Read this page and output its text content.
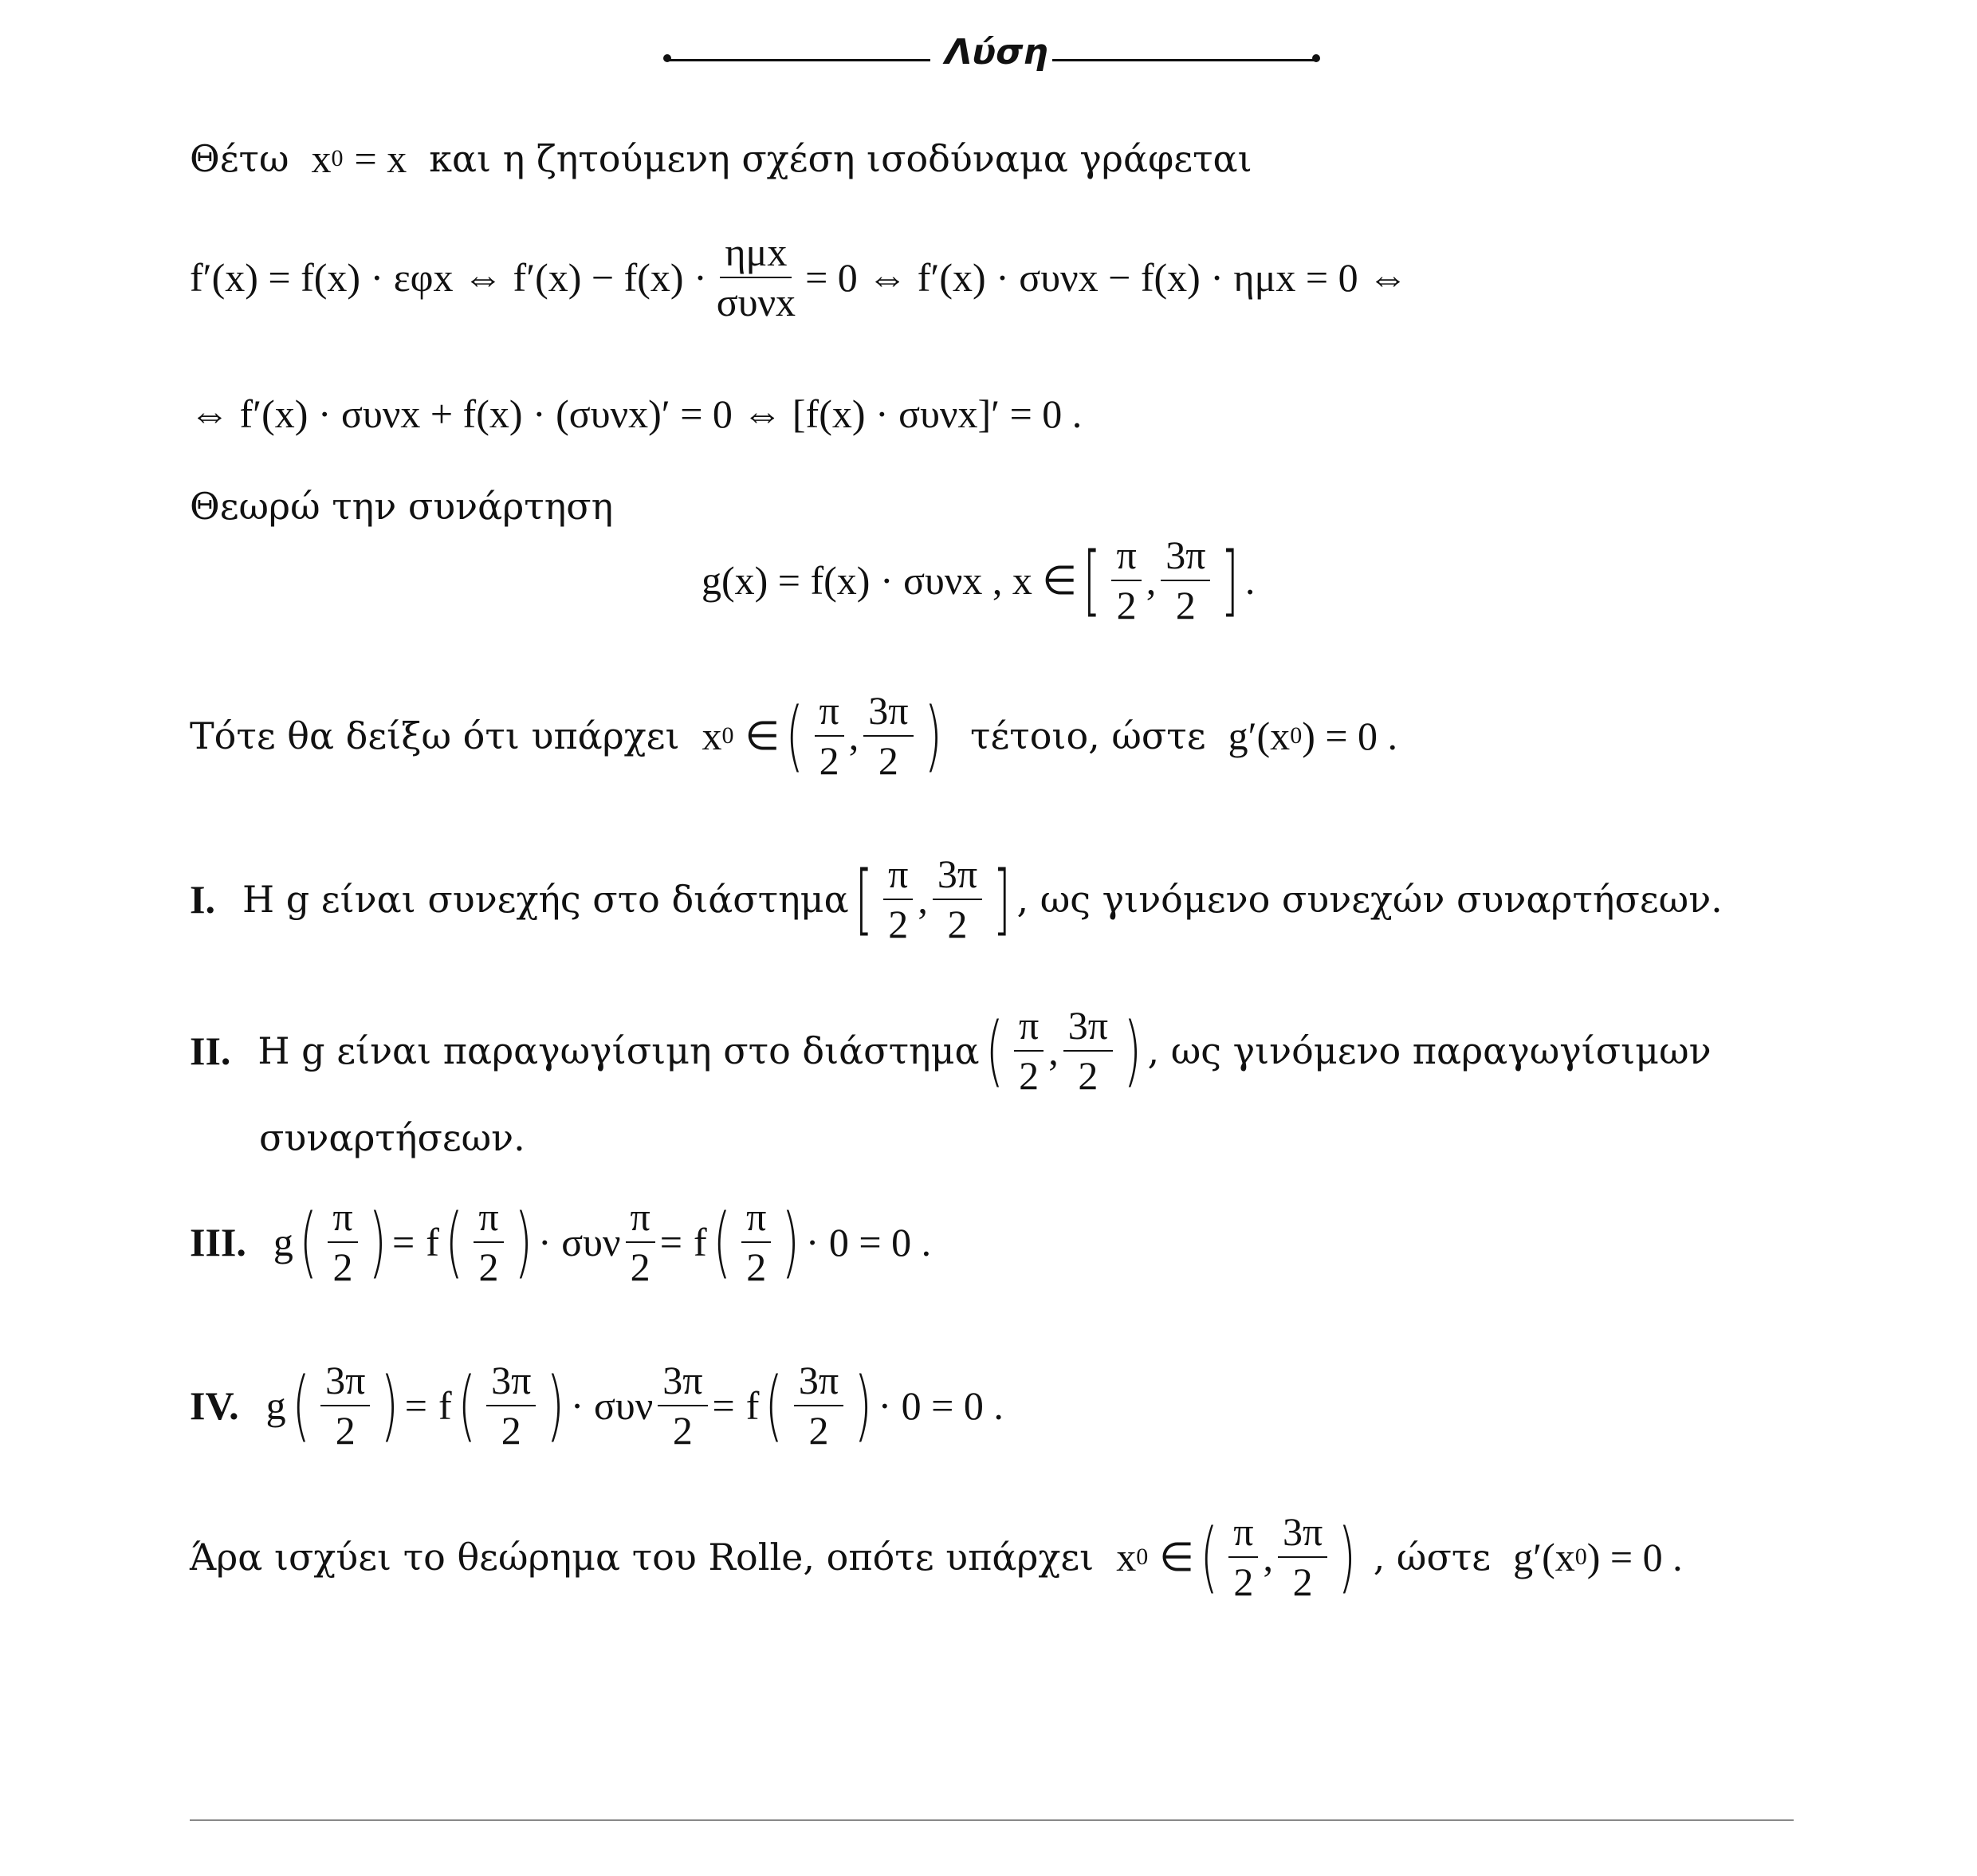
Λύση
Θέτω x 0 = x και η ζητούμενη σχέση ισοδύναμα γράφεται
f′(x) = f(x) · εφx ⇔ $f'(x) - f(x) \cdot \frac{\text{ημx}}{\text{συνx}} = 0$ ⇔ f′(x) · συνx − f(x) · ημx = 0 ⇔
⇔ f′(x) · συνx + f(x) · (συνx)′ = 0 ⇔ [f(x) · συνx]′ = 0 .
Θεωρώ την συνάρτηση
g(x) = f(x) · συνx , x ∈ [ $\frac{\pi}{2}$ , $\frac{3\pi}{2}$ ] .
Τότε θα δείξω ότι υπάρχει x 0 ∈ ( $\frac{\pi}{2}$ , $\frac{3\pi}{2}$ ) τέτοιο, ώστε g′(x 0 ) = 0 .
I. Η g είναι συνεχής στο διάστημα [ $\frac{\pi}{2}$ , $\frac{3\pi}{2}$ ] , ως γινόμενο συνεχών συναρτήσεων.
II. Η g είναι παραγωγίσιμη στο διάστημα ( $\frac{\pi}{2}$ , $\frac{3\pi}{2}$ ) , ως γινόμενο παραγωγίσιμων
συναρτήσεων.
III. g ( $\frac{\pi}{2}$ ) = f ( $\frac{\pi}{2}$ ) · συν $\frac{\pi}{2} = f$ ( $\frac{\pi}{2}$ ) · 0 = 0 .
IV. g ( $\frac{3\pi}{2}$ ) = f ( $\frac{3\pi}{2}$ ) · συν $\frac{3\pi}{2} = f$ ( $\frac{3\pi}{2}$ ) · 0 = 0 .
Άρα ισχύει το θεώρημα του Rolle, οπότε υπάρχει x 0 ∈ ( $\frac{\pi}{2}$ , $\frac{3\pi}{2}$ ) , ώστε g′(x 0 ) = 0 .
